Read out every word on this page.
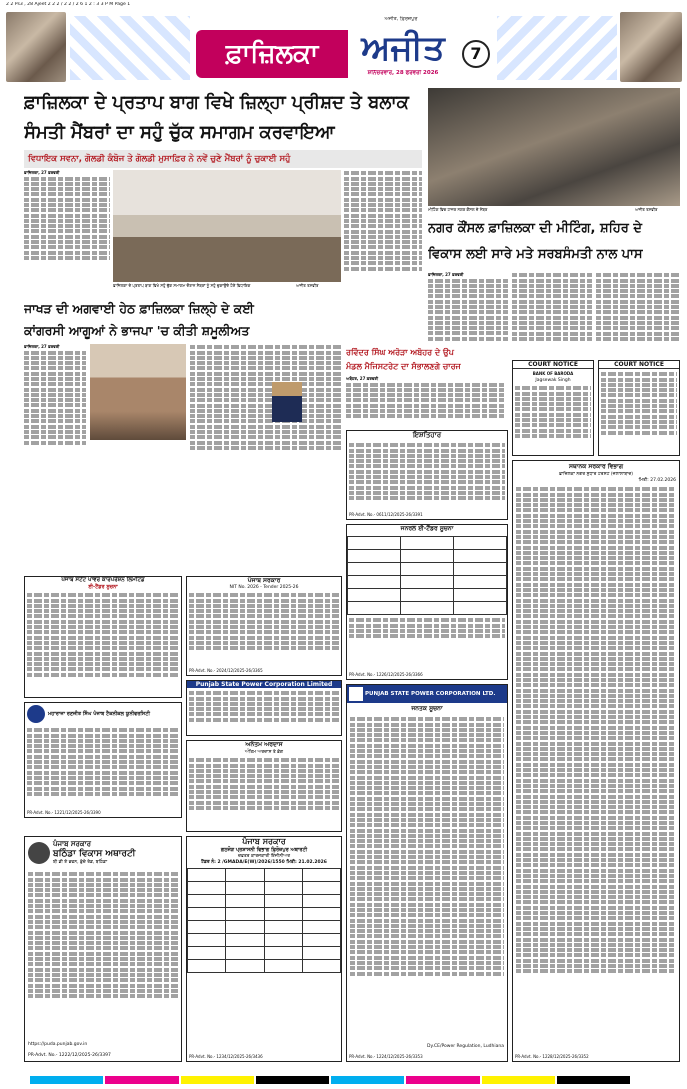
2 2 Ps3 , 28 Ajeet 2 2 2 / 2 2 / 2 6 1 2 : 3 3 P M Page 1
ਫ਼ਾਜ਼ਿਲਕਾ	ਅਜੀਤ
ਅਜੀਤ, ਫ਼ਿਰੋਜ਼ਪੁਰ
ਸ਼ਨਿੱਚਰਵਾਰ, 28 ਫਰਵਰੀ 2026
7
ਫ਼ਾਜ਼ਿਲਕਾ ਦੇ ਪ੍ਰਤਾਪ ਬਾਗ ਵਿਖੇ ਜ਼ਿਲ੍ਹਾ ਪ੍ਰੀਸ਼ਦ ਤੇ ਬਲਾਕ
ਸੰਮਤੀ ਮੈਂਬਰਾਂ ਦਾ ਸਹੁੰ ਚੁੱਕ ਸਮਾਗਮ ਕਰਵਾਇਆ
ਵਿਧਾਇਕ ਸਵਨਾ, ਗੋਲਡੀ ਕੰਬੋਜ ਤੇ ਗੋਲਡੀ ਮੁਸਾਫ਼ਿਰ ਨੇ ਨਵੇਂ ਚੁਣੇ ਮੈਂਬਰਾਂ ਨੂੰ ਚੁਕਾਈ ਸਹੁੰ
ਫ਼ਾਜ਼ਿਲਕਾ, 27 ਫ਼ਰਵਰੀ
ਫ਼ਾਜ਼ਿਲਕਾ ਦੇ ਪ੍ਰਤਾਪ ਬਾਗ ਵਿਖੇ ਸਹੁੰ ਚੁੱਕ ਸਮਾਗਮ ਦੌਰਾਨ ਮੈਂਬਰਾਂ ਨੂੰ ਸਹੁੰ ਚੁਕਾਉਂਦੇ ਹੋਏ ਵਿਧਾਇਕ	ਅਜੀਤ ਤਸਵੀਰ
ਮੀਟਿੰਗ ਵਿਚ ਹਾਜ਼ਰ ਨਗਰ ਕੌਂਸਲ ਦੇ ਮੈਂਬਰ	ਅਜੀਤ ਤਸਵੀਰ
ਨਗਰ ਕੌਂਸਲ ਫ਼ਾਜ਼ਿਲਕਾ ਦੀ ਮੀਟਿੰਗ, ਸ਼ਹਿਰ ਦੇ
ਵਿਕਾਸ ਲਈ ਸਾਰੇ ਮਤੇ ਸਰਬਸੰਮਤੀ ਨਾਲ ਪਾਸ
ਫ਼ਾਜ਼ਿਲਕਾ, 27 ਫ਼ਰਵਰੀ
ਜਾਖੜ ਦੀ ਅਗਵਾਈ ਹੇਠ ਫ਼ਾਜ਼ਿਲਕਾ ਜ਼ਿਲ੍ਹੇ ਦੇ ਕਈ
ਕਾਂਗਰਸੀ ਆਗੂਆਂ ਨੇ ਭਾਜਪਾ 'ਚ ਕੀਤੀ ਸ਼ਮੂਲੀਅਤ
ਫ਼ਾਜ਼ਿਲਕਾ, 27 ਫ਼ਰਵਰੀ
ਰਵਿੰਦਰ ਸਿੰਘ ਅਰੋੜਾ ਅਬੋਹਰ ਦੇ ਉਪ
ਮੰਡਲ ਮੈਜਿਸਟਰੇਟ ਦਾ ਸੰਭਾਲਣਗੇ ਚਾਰਜ
ਅਬੋਹਰ, 27 ਫ਼ਰਵਰੀ
COURT NOTICE
BANK OF BARODA
Jagsewak Singh
COURT NOTICE
ਇਸ਼ਤਿਹਾਰ
PR-Advt. No.- 0611/12/2025-26/3391
ਪੰਜਾਬ ਸਟੇਟ ਪਾਵਰ ਕਾਰਪੋਰੇਸ਼ਨ ਲਿਮਟਿਡ
ਈ-ਟੈਂਡਰ ਸੂਚਨਾ
ਮਹਾਰਾਜਾ ਰਣਜੀਤ ਸਿੰਘ ਪੰਜਾਬ ਟੈਕਨੀਕਲ ਯੂਨੀਵਰਸਿਟੀ
PR-Advt. No.- 1221/12/2025-26/3390
ਪੰਜਾਬ ਸਰਕਾਰ
ਬਠਿੰਡਾ ਵਿਕਾਸ ਅਥਾਰਟੀ
ਬੀ ਡੀ ਏ ਭਵਨ, ਭੁੱਚੋ ਰੋਡ, ਬਠਿੰਡਾ
https://puda.punjab.gov.in
PR-Advt. No.- 1222/12/2025-26/3397
ਪੰਜਾਬ ਸਰਕਾਰ
NIT No. 2026 - Tender 2025-26
PR-Advt. No.- 2024/12/2025-26/3365
Punjab State Power Corporation Limited
ਅਨੰਤਮ ਅਰਦਾਸ
ਅੰਤਿਮ ਅਰਦਾਸ ਤੇ ਭੋਗ
ਪੰਜਾਬ ਸਰਕਾਰ
ਗਠਜੋੜ ਪ੍ਰਸ਼ਾਸਨੀ ਵਿਭਾਗ ਫ਼ਿਰੋਜ਼ਪੁਰ ਅਥਾਰਟੀ
ਦਫ਼ਤਰ ਕਾਰਜਕਾਰੀ ਇੰਜੀਨੀਅਰ
ਟੈਂਡਰ ਨੰ: 2 /GMADA/E(W)/2026/1550 ਮਿਤੀ: 21.02.2026

PR-Advt. No.- 1234/12/2025-26/3436
ਜਨਰਲ ਈ-ਟੈਂਡਰ ਸੂਚਨਾ

PR-Advt. No.- 1226/12/2025-26/3366
PUNJAB STATE POWER CORPORATION LTD.
ਜਨਤਕ ਸੂਚਨਾ
Dy.CE/Power Regulation, Ludhiana
PR-Advt. No.- 1224/12/2025-26/3353
ਸਥਾਨਕ ਸਰਕਾਰ ਵਿਭਾਗ
ਫ਼ਾਜ਼ਿਲਕਾ ਨਗਰ ਸੁਧਾਰ ਟਰਸਟ (ਜਲਾਲਾਬਾਦ)
ਮਿਤੀ: 27.02.2026
PR-Advt. No.- 1228/12/2025-26/3352
